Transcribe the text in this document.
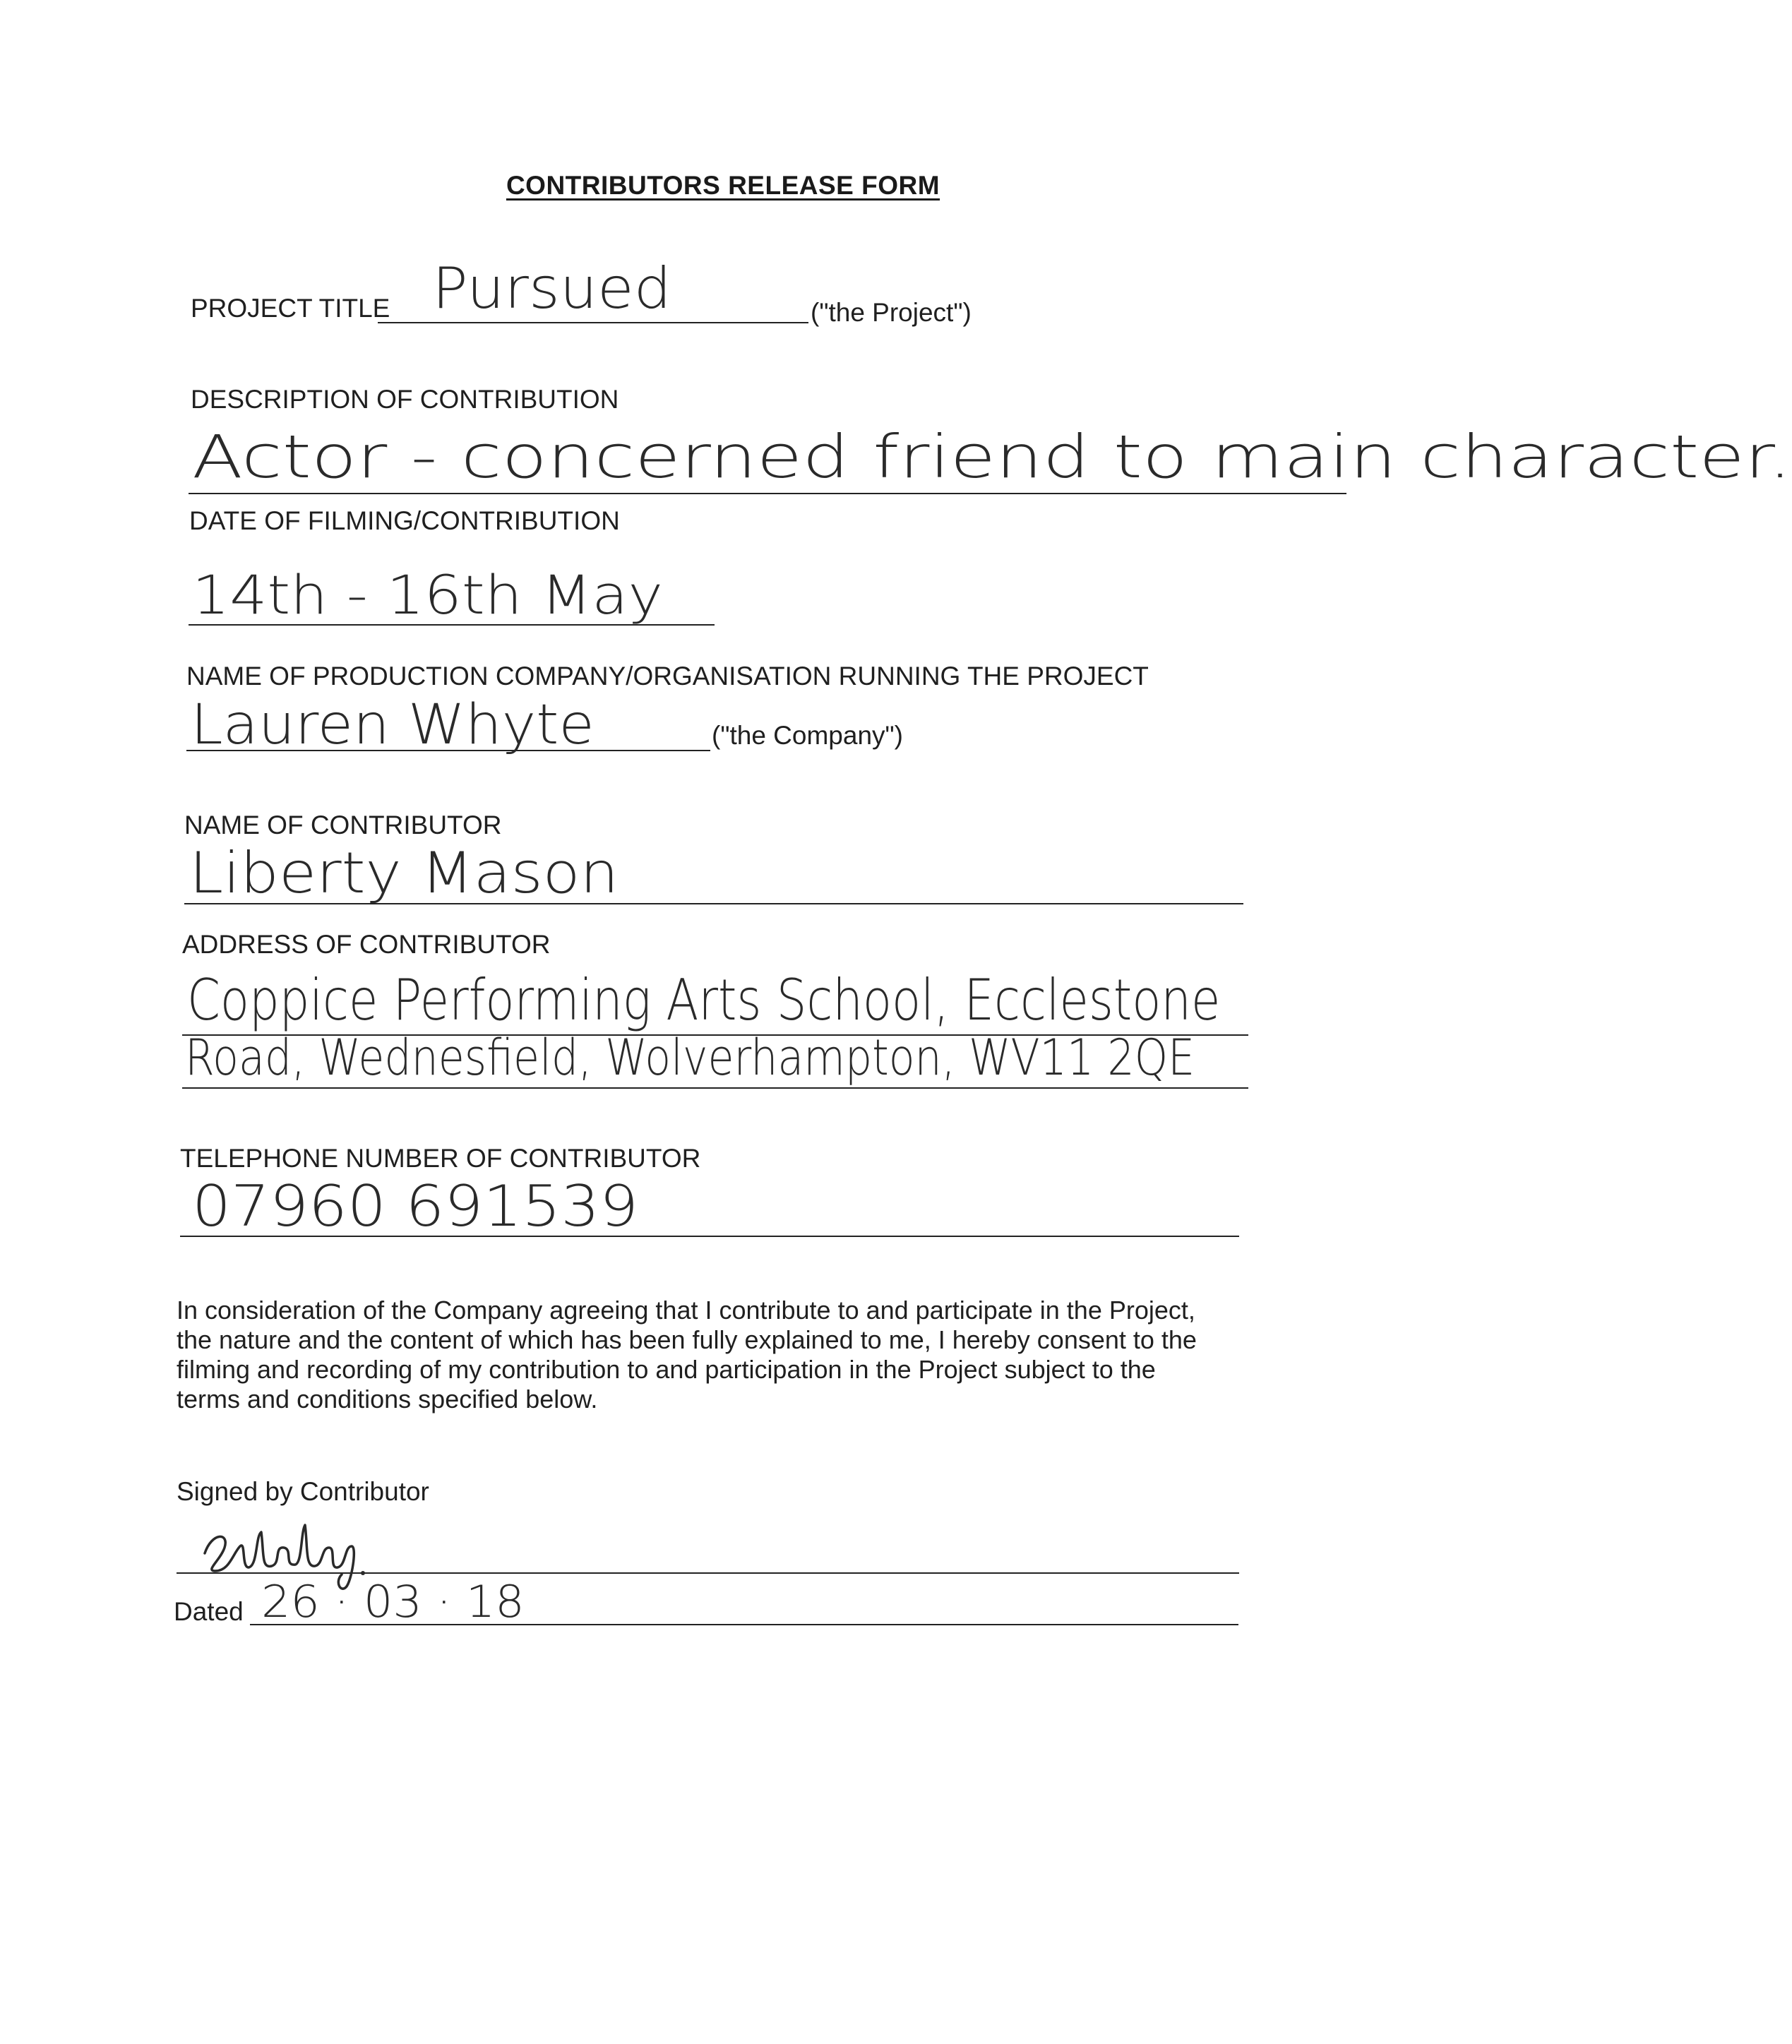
CONTRIBUTORS RELEASE FORM
PROJECT TITLE Pursued	("the Project")
DESCRIPTION OF CONTRIBUTION
Actor - concerned friend to main character.
DATE OF FILMING/CONTRIBUTION
14th - 16th May
NAME OF PRODUCTION COMPANY/ORGANISATION RUNNING THE PROJECT
Lauren Whyte	("the Company")
NAME OF CONTRIBUTOR
Liberty Mason
ADDRESS OF CONTRIBUTOR
Coppice Performing Arts School, Ecclestone
Road, Wednesfield, Wolverhampton, WV11 2QE
TELEPHONE NUMBER OF CONTRIBUTOR
07960 691539
In consideration of the Company agreeing that I contribute to and participate in the Project,
the nature and the content of which has been fully explained to me, I hereby consent to the
filming and recording of my contribution to and participation in the Project subject to the
terms and conditions specified below.
Signed by Contributor
Dated 26 · 03 · 18
